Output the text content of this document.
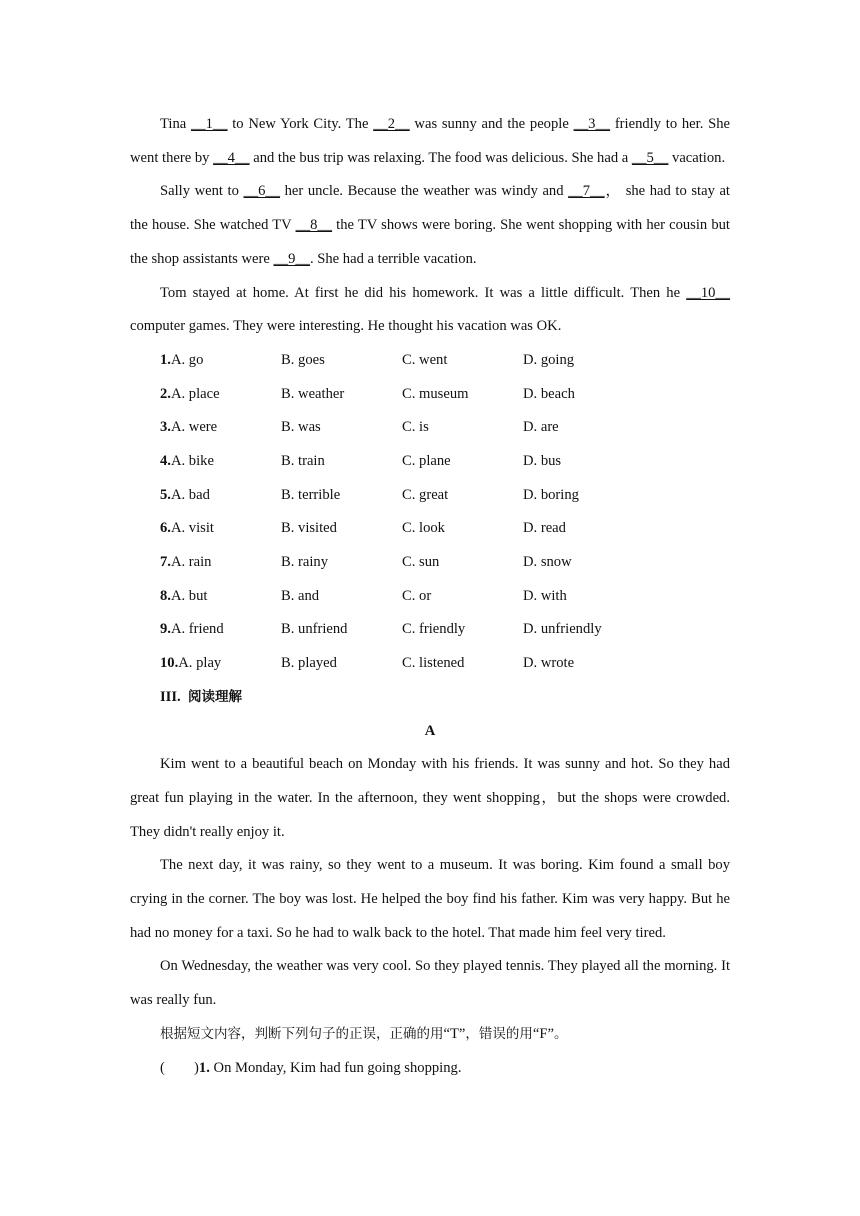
Tina __1__ to New York City. The __2__ was sunny and the people __3__ friendly to her. She went there by __4__ and the bus trip was relaxing. The food was delicious. She had a __5__ vacation.

Sally went to __6__ her uncle. Because the weather was windy and __7__， she had to stay at the house. She watched TV __8__ the TV shows were boring. She went shopping with her cousin but the shop assistants were __9__. She had a terrible vacation.

Tom stayed at home. At first he did his homework. It was a little difficult. Then he __10__ computer games. They were interesting. He thought his vacation was OK.

1.A. go	B. goes	C. went	D. going
2.A. place	B. weather	C. museum	D. beach
3.A. were	B. was	C. is	D. are
4.A. bike	B. train	C. plane	D. bus
5.A. bad	B. terrible	C. great	D. boring
6.A. visit	B. visited	C. look	D. read
7.A. rain	B. rainy	C. sun	D. snow
8.A. but	B. and	C. or	D. with
9.A. friend	B. unfriend	C. friendly	D. unfriendly
10.A. play	B. played	C. listened	D. wrote
III. 阅读理解
A

Kim went to a beautiful beach on Monday with his friends. It was sunny and hot. So they had great fun playing in the water. In the afternoon, they went shopping，but the shops were crowded. They didn't really enjoy it.

The next day, it was rainy, so they went to a museum. It was boring. Kim found a small boy crying in the corner. The boy was lost. He helped the boy find his father. Kim was very happy. But he had no money for a taxi. So he had to walk back to the hotel. That made him feel very tired.

On Wednesday, the weather was very cool. So they played tennis. They played all the morning. It was really fun.

根据短文内容，判断下列句子的正误，正确的用“T”，错误的用“F”。
(        )1. On Monday, Kim had fun going shopping.
